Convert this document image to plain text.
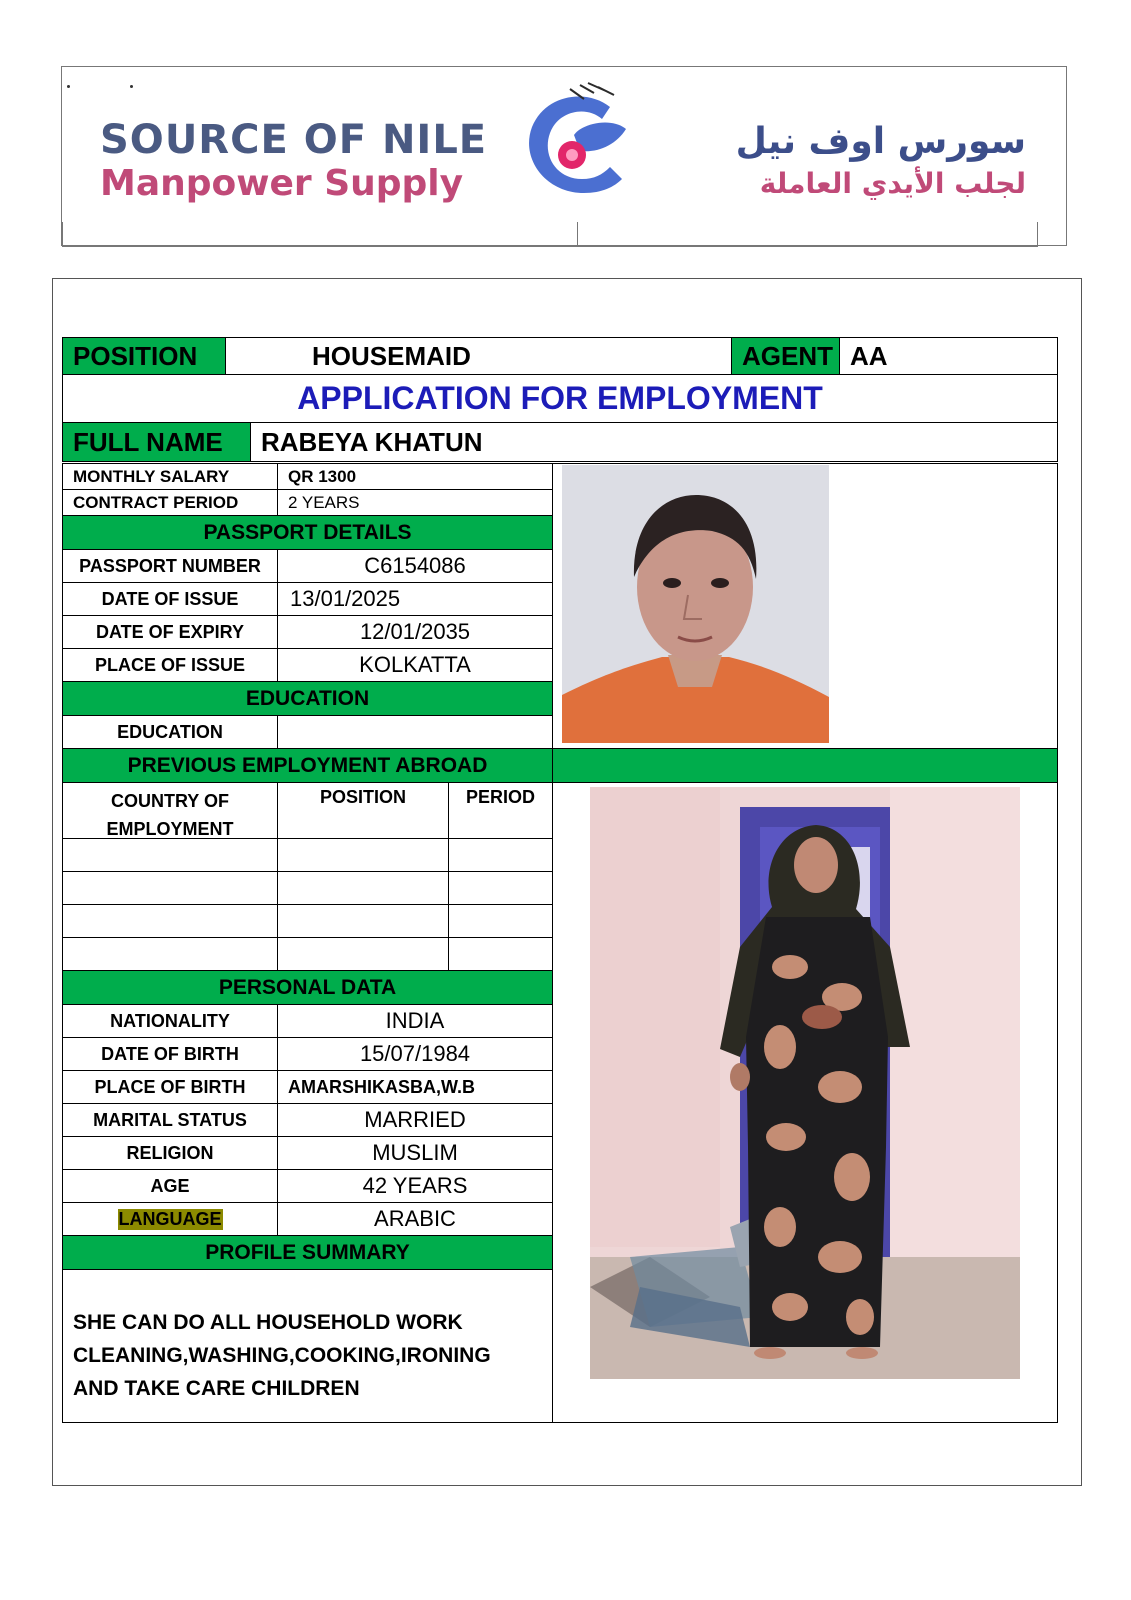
SOURCE OF NILE
Manpower Supply
سورس اوف نيل
لجلب الأيدي العاملة
POSITION	HOUSEMAID	AGENT AA
APPLICATION FOR EMPLOYMENT
FULL NAME	RABEYA KHATUN
MONTHLY SALARY	QR 1300
CONTRACT PERIOD	2 YEARS
PASSPORT DETAILS
PASSPORT NUMBER	C6154086
DATE OF ISSUE	13/01/2025
DATE OF EXPIRY	12/01/2035
PLACE OF ISSUE	KOLKATTA
EDUCATION
EDUCATION
PREVIOUS EMPLOYMENT ABROAD
COUNTRY OF
EMPLOYMENT
POSITION	PERIOD
PERSONAL DATA
NATIONALITY	INDIA
DATE OF BIRTH	15/07/1984
PLACE OF BIRTH	AMARSHIKASBA,W.B
MARITAL STATUS	MARRIED
RELIGION	MUSLIM
AGE	42 YEARS
LANGUAGE	ARABIC
PROFILE SUMMARY
SHE CAN DO ALL HOUSEHOLD WORK
CLEANING,WASHING,COOKING,IRONING
AND TAKE CARE CHILDREN
